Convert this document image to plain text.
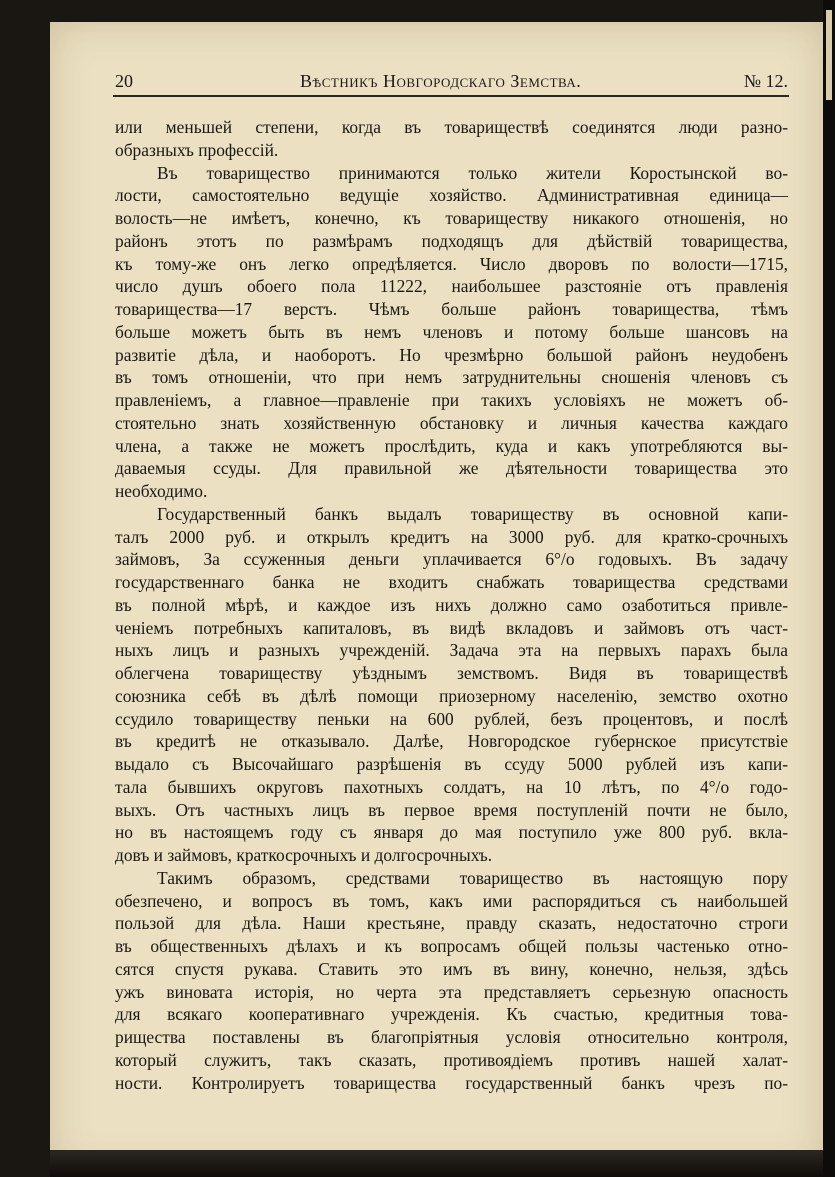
20	Вѣстникъ Новгородскаго Земства.	№ 12.
или меньшей степени, когда въ товариществѣ соединятся люди разно-
образныхъ профессій.
Въ товарищество принимаются только жители Коростынской во-
лости, самостоятельно ведущіе хозяйство. Административная единица—
волость—не имѣетъ, конечно, къ товариществу никакого отношенія, но
районъ этотъ по размѣрамъ подходящъ для дѣйствій товарищества,
къ тому-же онъ легко опредѣляется. Число дворовъ по волости—1715,
число душъ обоего пола 11222, наибольшее разстояніе отъ правленія
товарищества—17 верстъ. Чѣмъ больше районъ товарищества, тѣмъ
больше можетъ быть въ немъ членовъ и потому больше шансовъ на
развитіе дѣла, и наоборотъ. Но чрезмѣрно большой районъ неудобенъ
въ томъ отношеніи, что при немъ затруднительны сношенія членовъ съ
правленіемъ, а главное—правленіе при такихъ условіяхъ не можетъ об-
стоятельно знать хозяйственную обстановку и личныя качества каждаго
члена, а также не можетъ прослѣдить, куда и какъ употребляются вы-
даваемыя ссуды. Для правильной же дѣятельности товарищества это
необходимо.
Государственный банкъ выдалъ товариществу въ основной капи-
талъ 2000 руб. и открылъ кредитъ на 3000 руб. для кратко-срочныхъ
займовъ, За ссуженныя деньги уплачивается 6°/о годовыхъ. Въ задачу
государственнаго банка не входитъ снабжать товарищества средствами
въ полной мѣрѣ, и каждое изъ нихъ должно само озаботиться привле-
ченіемъ потребныхъ капиталовъ, въ видѣ вкладовъ и займовъ отъ част-
ныхъ лицъ и разныхъ учрежденій. Задача эта на первыхъ парахъ была
облегчена товариществу уѣзднымъ земствомъ. Видя въ товариществѣ
союзника себѣ въ дѣлѣ помощи приозерному населенію, земство охотно
ссудило товариществу пеньки на 600 рублей, безъ процентовъ, и послѣ
въ кредитѣ не отказывало. Далѣе, Новгородское губернское присутствіе
выдало съ Высочайшаго разрѣшенія въ ссуду 5000 рублей изъ капи-
тала бывшихъ округовъ пахотныхъ солдатъ, на 10 лѣтъ, по 4°/о годо-
выхъ. Отъ частныхъ лицъ въ первое время поступленій почти не было,
но въ настоящемъ году съ января до мая поступило уже 800 руб. вкла-
довъ и займовъ, краткосрочныхъ и долгосрочныхъ.
Такимъ образомъ, средствами товарищество въ настоящую пору
обезпечено, и вопросъ въ томъ, какъ ими распорядиться съ наибольшей
пользой для дѣла. Наши крестьяне, правду сказать, недостаточно строги
въ общественныхъ дѣлахъ и къ вопросамъ общей пользы частенько отно-
сятся спустя рукава. Ставить это имъ въ вину, конечно, нельзя, здѣсь
ужъ виновата исторія, но черта эта представляетъ серьезную опасность
для всякаго кооперативнаго учрежденія. Къ счастью, кредитныя това-
рищества поставлены въ благопріятныя условія относительно контроля,
который служитъ, такъ сказать, противоядіемъ противъ нашей халат-
ности. Контролируетъ товарищества государственный банкъ чрезъ по-
